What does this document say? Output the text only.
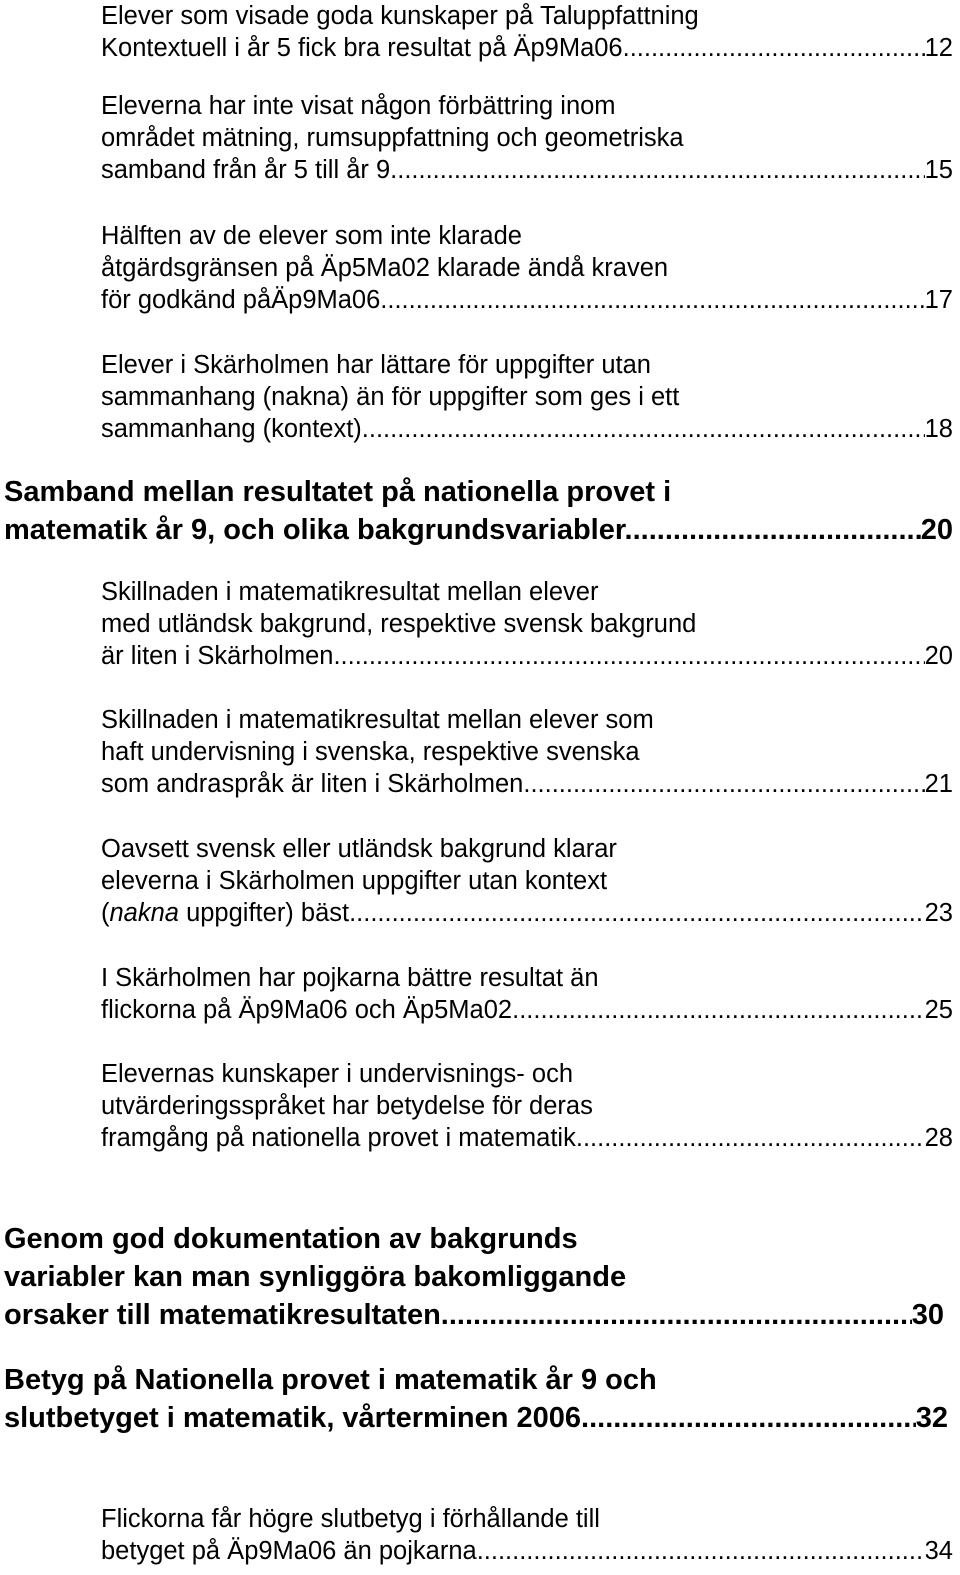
Elever som visade goda kunskaper på Taluppfattning
Kontextuell i år 5 fick bra resultat på Äp9Ma06 .....	12
Eleverna har inte visat någon förbättring inom
området mätning, rumsuppfattning och geometriska
samband från år 5 till år 9. .....	15
Hälften av de elever som inte klarade
åtgärdsgränsen på Äp5Ma02 klarade ändå kraven
för godkänd påÄp9Ma06. .....	17
Elever i Skärholmen har lättare för uppgifter utan
sammanhang (nakna) än för uppgifter som ges i ett
sammanhang (kontext). .....	18
Samband mellan resultatet på nationella provet i
matematik år 9, och olika bakgrundsvariabler .....	20
Skillnaden i matematikresultat mellan elever
med utländsk bakgrund, respektive svensk bakgrund
är liten i Skärholmen. .....	20
Skillnaden i matematikresultat mellan elever som
haft undervisning i svenska, respektive svenska
som andraspråk är liten i Skärholmen. .....	21
Oavsett svensk eller utländsk bakgrund klarar
eleverna i Skärholmen uppgifter utan kontext
(nakna uppgifter) bäst. .....	23
I Skärholmen har pojkarna bättre resultat än
flickorna på Äp9Ma06 och Äp5Ma02. .....	25
Elevernas kunskaper i undervisnings- och
utvärderingsspråket har betydelse för deras
framgång på nationella provet i matematik. .....	28
Genom god dokumentation av bakgrunds
variabler kan man synliggöra bakomliggande
orsaker till matematikresultaten. .....	30
Betyg på Nationella provet i matematik år 9 och
slutbetyget i matematik, vårterminen 2006. .....	32
Flickorna får högre slutbetyg i förhållande till
betyget på Äp9Ma06 än pojkarna. .....	34
